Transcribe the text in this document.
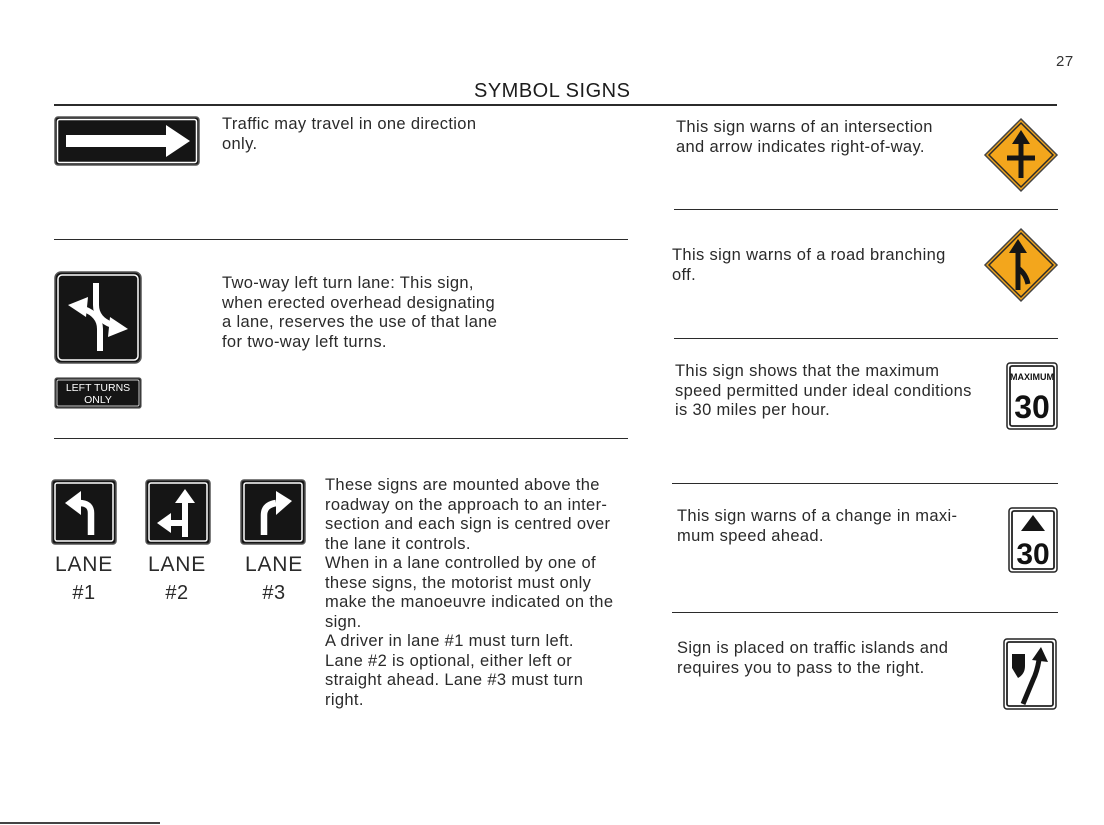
27
SYMBOL SIGNS

Traffic may travel in one direction
only.

LEFT TURNS
ONLY

Two-way left turn lane: This sign,
when erected overhead designating
a lane, reserves the use of that lane
for two-way left turns.

LANE
#1
LANE
#2
LANE
#3

These signs are mounted above the
roadway on the approach to an inter-
section and each sign is centred over
the lane it controls.
When in a lane controlled by one of
these signs, the motorist must only
make the manoeuvre indicated on the
sign.
A driver in lane #1 must turn left.
Lane #2 is optional, either left or
straight ahead. Lane #3 must turn
right.

This sign warns of an intersection
and arrow indicates right-of-way.

This sign warns of a road branching
off.

This sign shows that the maximum
speed permitted under ideal conditions
is 30 miles per hour.

MAXIMUM
30

This sign warns of a change in maxi-
mum speed ahead.

30

Sign is placed on traffic islands and
requires you to pass to the right.
